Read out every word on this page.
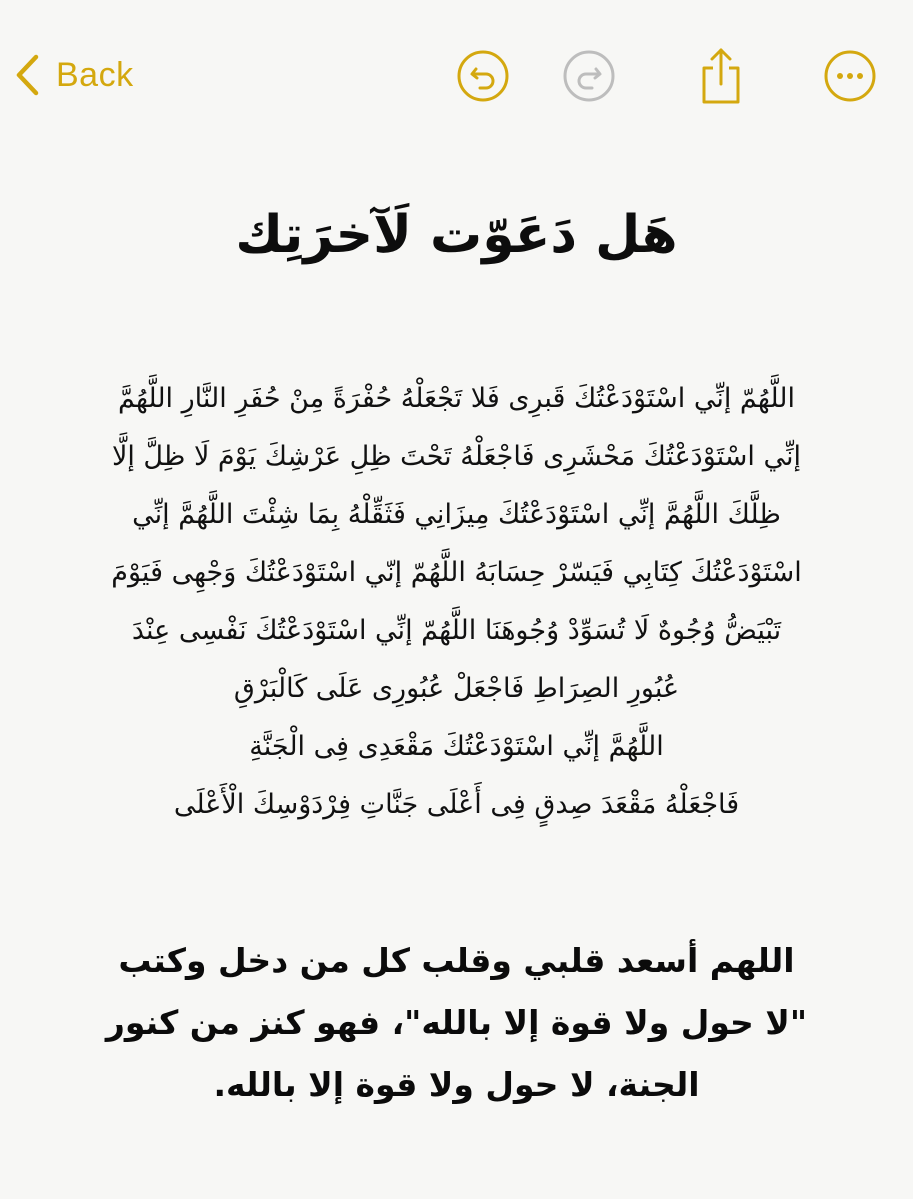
Back
هَل دَعَوّت لَآخرَتِك
اللَّهُمّ إنِّي اسْتَوْدَعْتُكَ قَبرِى فَلا تَجْعَلْهُ حُفْرَةً مِنْ حُفَرِ النَّارِ اللَّهُمَّ
إنِّي اسْتَوْدَعْتُكَ مَحْشَرِى فَاجْعَلْهُ تَحْتَ ظِلِ عَرْشِكَ يَوْمَ لَا ظِلَّ إلَّا
ظِلَّكَ اللَّهُمَّ إنِّي اسْتَوْدَعْتُكَ مِيزَانِي فَثَقِّلْهُ بِمَا شِئْتَ اللَّهُمَّ إنِّي
اسْتَوْدَعْتُكَ كِتَابِي فَيَسّرْ حِسَابَهُ اللَّهُمّ إنّي اسْتَوْدَعْتُكَ وَجْهِى فَيَوْمَ
تَبْيَضُّ وُجُوهٌ لَا تُسَوِّدْ وُجُوهَنَا اللَّهُمّ إنِّي اسْتَوْدَعْتُكَ نَفْسِى عِنْدَ
عُبُورِ الصِرَاطِ فَاجْعَلْ عُبُورِى عَلَى كَالْبَرْقِ
اللَّهُمَّ إنِّي اسْتَوْدَعْتُكَ مَقْعَدِى فِى الْجَنَّةِ
فَاجْعَلْهُ مَقْعَدَ صِدقٍ فِى أَعْلَى جَنَّاتِ فِرْدَوْسِكَ الْأَعْلَى
اللهم أسعد قلبي وقلب كل من دخل وكتب
"لا حول ولا قوة إلا بالله"، فهو كنز من كنور
الجنة، لا حول ولا قوة إلا بالله.
